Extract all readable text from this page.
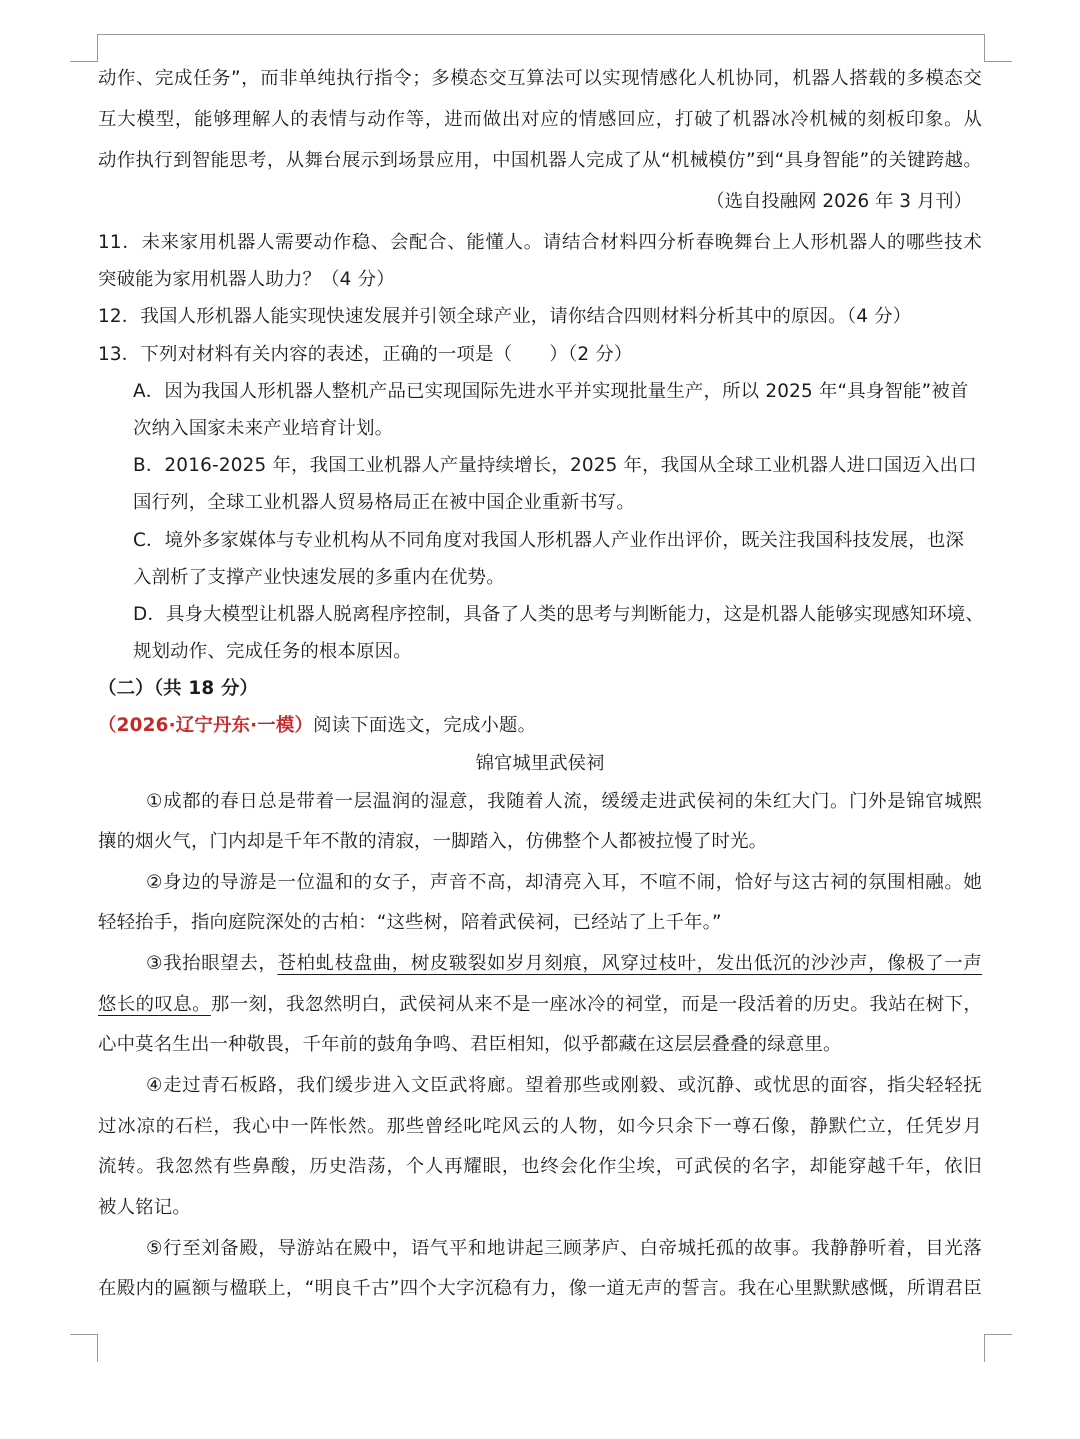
动作、完成任务”，而非单纯执行指令；多模态交互算法可以实现情感化人机协同，机器人搭载的多模态交
互大模型，能够理解人的表情与动作等，进而做出对应的情感回应，打破了机器冰冷机械的刻板印象。从
动作执行到智能思考，从舞台展示到场景应用，中国机器人完成了从“机械模仿”到“具身智能”的关键跨越。
（选自投融网 2026 年 3 月刊）
11．未来家用机器人需要动作稳、会配合、能懂人。请结合材料四分析春晚舞台上人形机器人的哪些技术
突破能为家用机器人助力？（4 分）
12．我国人形机器人能实现快速发展并引领全球产业，请你结合四则材料分析其中的原因。（4 分）
13．下列对材料有关内容的表述，正确的一项是（　　）（2 分）
A．因为我国人形机器人整机产品已实现国际先进水平并实现批量生产，所以 2025 年“具身智能”被首
次纳入国家未来产业培育计划。
B．2016-2025 年，我国工业机器人产量持续增长，2025 年，我国从全球工业机器人进口国迈入出口
国行列，全球工业机器人贸易格局正在被中国企业重新书写。
C．境外多家媒体与专业机构从不同角度对我国人形机器人产业作出评价，既关注我国科技发展，也深
入剖析了支撑产业快速发展的多重内在优势。
D．具身大模型让机器人脱离程序控制，具备了人类的思考与判断能力，这是机器人能够实现感知环境、
规划动作、完成任务的根本原因。
（二）（共 18 分）
（2026·辽宁丹东·一模）阅读下面选文，完成小题。
锦官城里武侯祠
①成都的春日总是带着一层温润的湿意，我随着人流，缓缓走进武侯祠的朱红大门。门外是锦官城熙
攘的烟火气，门内却是千年不散的清寂，一脚踏入，仿佛整个人都被拉慢了时光。
②身边的导游是一位温和的女子，声音不高，却清亮入耳，不喧不闹，恰好与这古祠的氛围相融。她
轻轻抬手，指向庭院深处的古柏：“这些树，陪着武侯祠，已经站了上千年。”
③我抬眼望去，苍柏虬枝盘曲，树皮皲裂如岁月刻痕，风穿过枝叶，发出低沉的沙沙声，像极了一声
悠长的叹息。那一刻，我忽然明白，武侯祠从来不是一座冰冷的祠堂，而是一段活着的历史。我站在树下，
心中莫名生出一种敬畏，千年前的鼓角争鸣、君臣相知，似乎都藏在这层层叠叠的绿意里。
④走过青石板路，我们缓步进入文臣武将廊。望着那些或刚毅、或沉静、或忧思的面容，指尖轻轻抚
过冰凉的石栏，我心中一阵怅然。那些曾经叱咤风云的人物，如今只余下一尊石像，静默伫立，任凭岁月
流转。我忽然有些鼻酸，历史浩荡，个人再耀眼，也终会化作尘埃，可武侯的名字，却能穿越千年，依旧
被人铭记。
⑤行至刘备殿，导游站在殿中，语气平和地讲起三顾茅庐、白帝城托孤的故事。我静静听着，目光落
在殿内的匾额与楹联上，“明良千古”四个大字沉稳有力，像一道无声的誓言。我在心里默默感慨，所谓君臣
